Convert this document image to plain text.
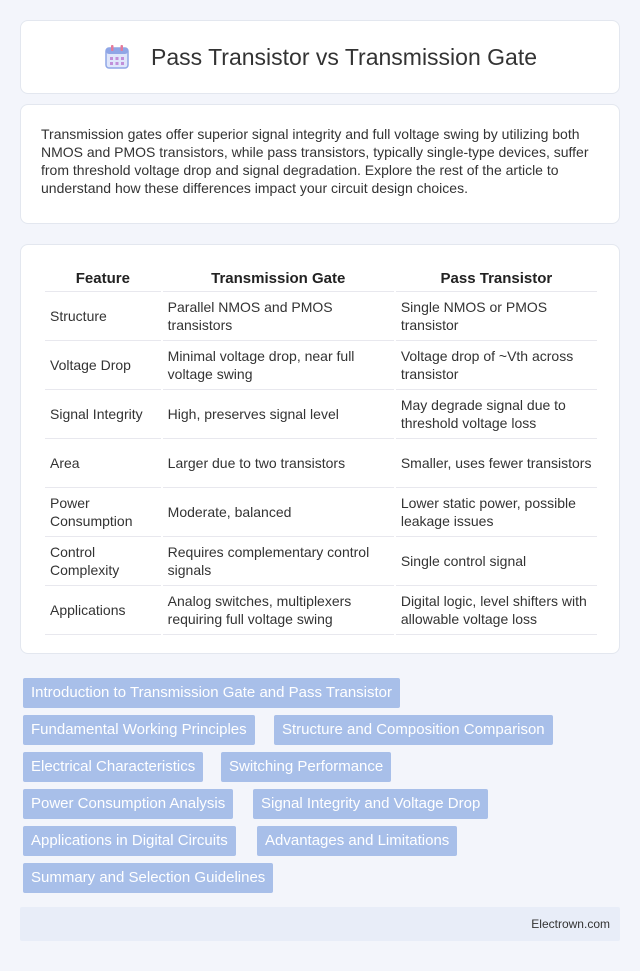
Pass Transistor vs Transmission Gate

Transmission gates offer superior signal integrity and full voltage swing by utilizing both NMOS and PMOS transistors, while pass transistors, typically single-type devices, suffer from threshold voltage drop and signal degradation. Explore the rest of the article to understand how these differences impact your circuit design choices.

Feature	Transmission Gate	Pass Transistor
Structure	Parallel NMOS and PMOS transistors	Single NMOS or PMOS transistor
Voltage Drop	Minimal voltage drop, near full voltage swing	Voltage drop of ~Vth across transistor
Signal Integrity	High, preserves signal level	May degrade signal due to threshold voltage loss
Area	Larger due to two transistors	Smaller, uses fewer transistors
Power Consumption	Moderate, balanced	Lower static power, possible leakage issues
Control Complexity	Requires complementary control signals	Single control signal
Applications	Analog switches, multiplexers requiring full voltage swing	Digital logic, level shifters with allowable voltage loss
Introduction to Transmission Gate and Pass Transistor
Fundamental Working Principles	Structure and Composition Comparison
Electrical Characteristics	Switching Performance
Power Consumption Analysis	Signal Integrity and Voltage Drop
Applications in Digital Circuits	Advantages and Limitations
Summary and Selection Guidelines
Electrown.com
